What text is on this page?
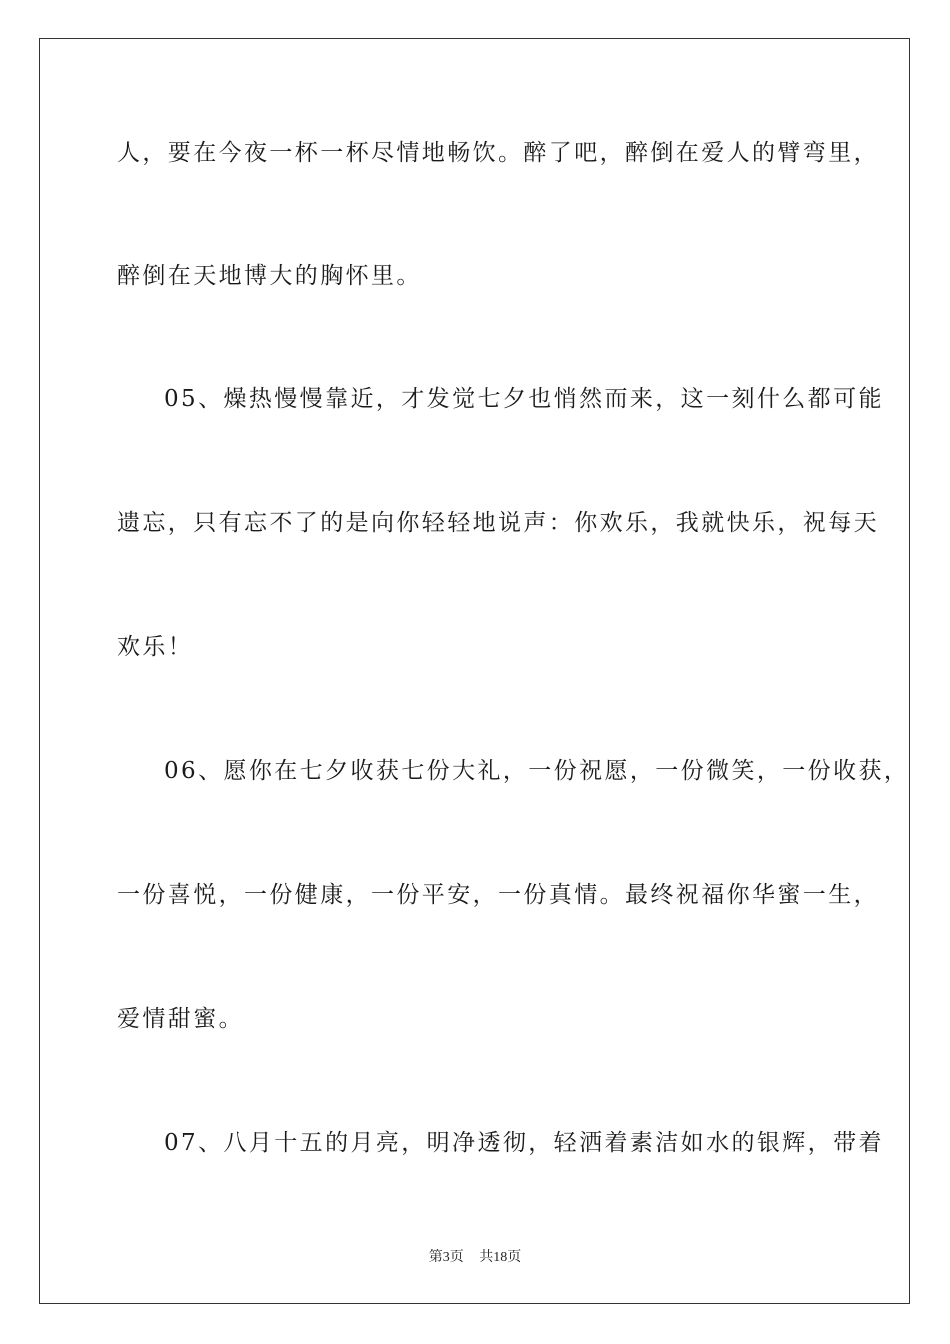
人，要在今夜一杯一杯尽情地畅饮。醉了吧，醉倒在爱人的臂弯里，
醉倒在天地博大的胸怀里。
05、燥热慢慢靠近，才发觉七夕也悄然而来，这一刻什么都可能
遗忘，只有忘不了的是向你轻轻地说声：你欢乐，我就快乐，祝每天
欢乐！
06、愿你在七夕收获七份大礼，一份祝愿，一份微笑，一份收获，
一份喜悦，一份健康，一份平安，一份真情。最终祝福你华蜜一生，
爱情甜蜜。
07、八月十五的月亮，明净透彻，轻洒着素洁如水的银辉，带着
第3页 共18页
